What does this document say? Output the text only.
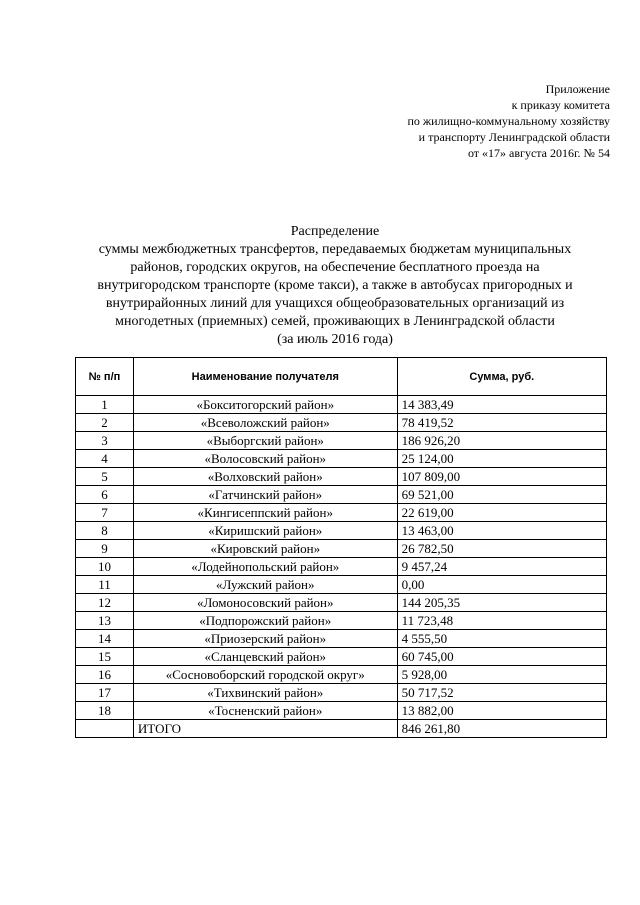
Приложение
к приказу комитета
по жилищно-коммунальному хозяйству
и транспорту Ленинградской области
от «17» августа 2016г. № 54
Распределение
суммы межбюджетных трансфертов, передаваемых бюджетам муниципальных
районов, городских округов, на обеспечение бесплатного проезда на
внутригородском транспорте (кроме такси), а также в автобусах пригородных и
внутрирайонных линий для учащихся общеобразовательных организаций из
многодетных (приемных) семей, проживающих в Ленинградской области
(за июль 2016 года)
№ п/п	Наименование получателя	Сумма, руб.
1	«Бокситогорский район»	14 383,49
2	«Всеволожский район»	78 419,52
3	«Выборгский район»	186 926,20
4	«Волосовский район»	25 124,00
5	«Волховский район»	107 809,00
6	«Гатчинский район»	69 521,00
7	«Кингисеппский район»	22 619,00
8	«Киришский район»	13 463,00
9	«Кировский район»	26 782,50
10	«Лодейнопольский район»	9 457,24
11	«Лужский район»	0,00
12	«Ломоносовский район»	144 205,35
13	«Подпорожский район»	11 723,48
14	«Приозерский район»	4 555,50
15	«Сланцевский район»	60 745,00
16	«Сосновоборский городской округ»	5 928,00
17	«Тихвинский район»	50 717,52
18	«Тосненский район»	13 882,00
	ИТОГО	846 261,80
